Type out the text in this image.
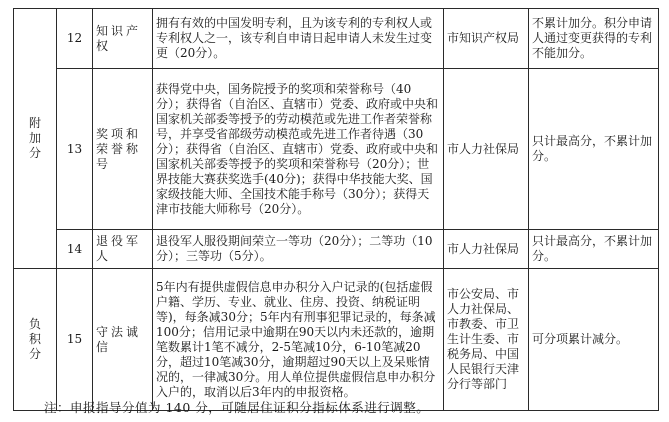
附
加
分	12	知识产权	拥有有效的中国发明专利，且为该专利的专利权人或专利权人之一，该专利自申请日起申请人未发生过变更（20分）。	市知识产权局	不累计加分。积分申请人通过变更获得的专利不能加分。
	13	奖项和荣誉称号	获得党中央，国务院授予的奖项和荣誉称号（40分）；获得省（自治区、直辖市）党委、政府或中央和国家机关部委等授予的劳动模范或先进工作者荣誉称号，并享受省部级劳动模范或先进工作者待遇（30分）；获得省（自治区、直辖市）党委、政府或中央和国家机关部委等授予的奖项和荣誉称号（20分）；世界技能大赛获奖选手(40分)；获得中华技能大奖、国家级技能大师、全国技术能手称号（30分）；获得天津市技能大师称号（20分）。	市人力社保局	只计最高分，不累计加分。
	14	退役军人	退役军人服役期间荣立一等功（20分）；二等功（10分）；三等功（5分）。	市人力社保局	只计最高分，不累计加分。

负
积
分	15	守法诚信	5年内有提供虚假信息申办积分入户记录的(包括虚假户籍、学历、专业、就业、住房、投资、纳税证明等)，每条减30分；5年内有刑事犯罪记录的，每条减100分；信用记录中逾期在90天以内未还款的，逾期笔数累计1笔不减分，2-5笔减10分，6-10笔减20分，超过10笔减30分，逾期超过90天以上及呆账情况的，一律减30分。用人单位提供虚假信息申办积分入户的，取消以后3年内的申报资格。	市公安局、市人力社保局、市教委、市卫生计生委、市税务局、中国人民银行天津分行等部门	可分项累计减分。
注：申报指导分值为 140 分，可随居住证积分指标体系进行调整。
